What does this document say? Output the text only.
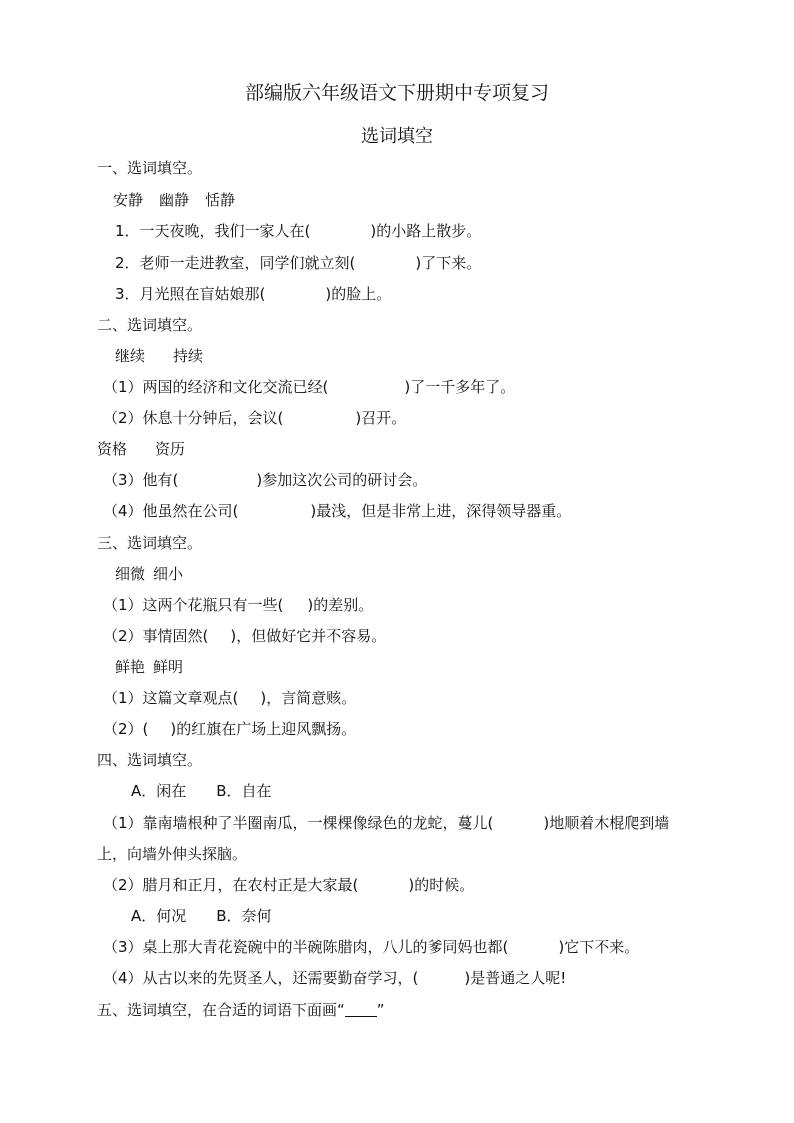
部编版六年级语文下册期中专项复习
选词填空
一、选词填空。
安静 幽静 恬静
1．一天夜晚，我们一家人在(	)的小路上散步。
2．老师一走进教室，同学们就立刻(	)了下来。
3．月光照在盲姑娘那(	)的脸上。
二、选词填空。
继续 持续
（1）两国的经济和文化交流已经(	)了一千多年了。
（2）休息十分钟后，会议(	)召开。
资格 资历
（3）他有(	)参加这次公司的研讨会。
（4）他虽然在公司(	)最浅，但是非常上进，深得领导器重。
三、选词填空。
细微 细小
（1）这两个花瓶只有一些( )的差别。
（2）事情固然( )，但做好它并不容易。
鲜艳 鲜明
（1）这篇文章观点( )，言简意赅。
（2）( )的红旗在广场上迎风飘扬。
四、选词填空。
A．闲在 B．自在
（1）靠南墙根种了半圈南瓜，一棵棵像绿色的龙蛇，蔓儿(	)地顺着木棍爬到墙
上，向墙外伸头探脑。
（2）腊月和正月，在农村正是大家最(	)的时候。
A．何况 B．奈何
（3）桌上那大青花瓷碗中的半碗陈腊肉，八儿的爹同妈也都(	)它下不来。
（4）从古以来的先贤圣人，还需要勤奋学习，(	)是普通之人呢!
五、选词填空，在合适的词语下面画“ ”
